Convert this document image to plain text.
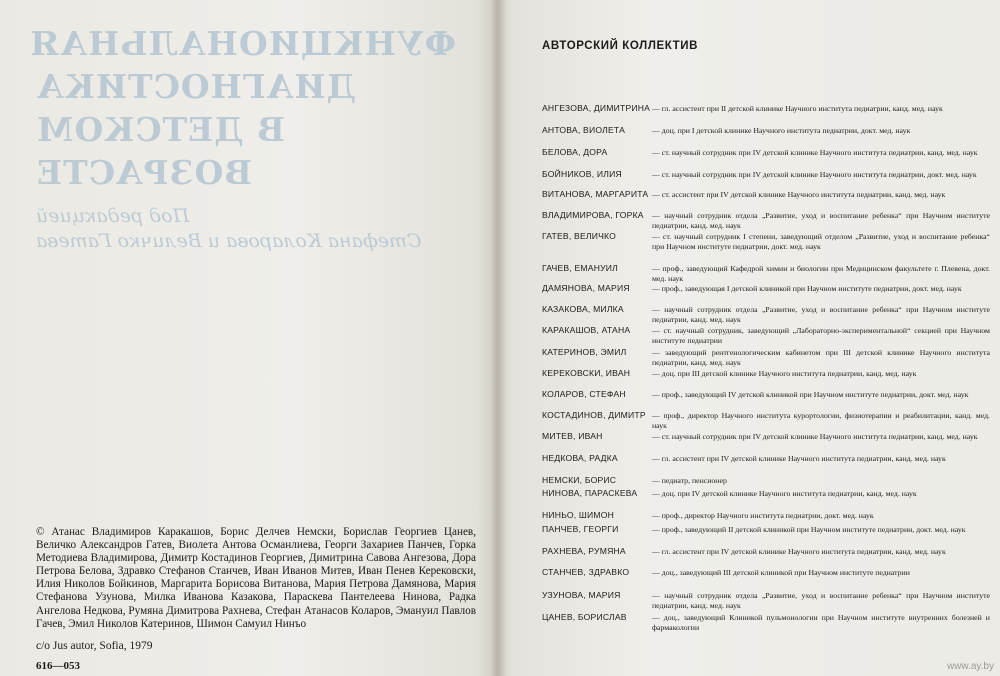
ФУНКЦИОНАЛЬНАЯ
ДИАГНОСТИКА
В ДЕТСКОМ
ВОЗРАСТЕ
Под редакцией
Стефана Коларова и Величко Гатева
© Атанас Владимиров Каракашов, Борис Делчев Немски, Борислав Георгиев Цанев, Величко Александров Гатев, Виолета Антова Османлиева, Георги Захариев Панчев, Горка Методиева Владимирова, Димитр Костадинов Георгиев, Димитрина Савова Ангезова, Дора Петрова Белова, Здравко Стефанов Станчев, Иван Иванов Митев, Иван Пенев Керековски, Илия Николов Бойкинов, Маргарита Борисова Витанова, Мария Петрова Дамянова, Мария Стефанова Узунова, Милка Иванова Казакова, Параскева Пантелеева Нинова, Радка Ангелова Недкова, Румяна Димитрова Рахнева, Стефан Атанасов Коларов, Эмануил Павлов Гачев, Эмил Николов Катеринов, Шимон Самуил Нинъо
c/o Jus autor, Sofia, 1979
616—053
АВТОРСКИЙ КОЛЛЕКТИВ
АНГЕЗОВА, ДИМИТРИНА — гл. ассистент при II детской клинике Научного института педиатрии, канд. мед. наук
АНТОВА, ВИОЛЕТА	— доц. при I детской клинике Научного института педиатрии, докт. мед. наук
БЕЛОВА, ДОРА	— ст. научный сотрудник при IV детской клинике Научного института педиатрии, канд. мед. наук
БОЙНИКОВ, ИЛИЯ	— ст. научный сотрудник при IV детской клинике Научного института педиатрии, докт. мед. наук
ВИТАНОВА, МАРГАРИТА — ст. ассистент при IV детской клинике Научного института педиатрии, канд. мед. наук
ВЛАДИМИРОВА, ГОРКА	— научный сотрудник отдела „Развитие, уход и воспитание ребенка“ при Научном институте педиатрии, канд. мед. наук
ГАТЕВ, ВЕЛИЧКО	— ст. научный сотрудник I степени, заведующий отделом „Развитие, уход и воспитание ребенка“ при Научном институте педиатрии, докт. мед. наук
ГАЧЕВ, ЕМАНУИЛ	— проф., заведующий Кафедрой химии и биологии при Медицинском факультете г. Плевена, докт. мед. наук
ДАМЯНОВА, МАРИЯ	— проф., заведующая I детской клиникой при Научном институте педиатрии, докт. мед. наук
КАЗАКОВА, МИЛКА	— научный сотрудник отдела „Развитие, уход и воспитание ребенка“ при Научном институте педиатрии, канд. мед. наук
КАРАКАШОВ, АТАНА	— ст. научный сотрудник, заведующий „Лабораторно-экспериментальной“ секцией при Научном институте педиатрии
КАТЕРИНОВ, ЭМИЛ	— заведующий рентгенологическим кабинетом при III детской клинике Научного института педиатрии, канд. мед. наук
КЕРЕКОВСКИ, ИВАН	— доц. при III детской клинике Научного института педиатрии, канд. мед. наук
КОЛАРОВ, СТЕФАН	— проф., заведующий IV детской клиникой при Научном институте педиатрии, докт. мед. наук
КОСТАДИНОВ, ДИМИТР — проф., директор Научного института курортологии, физиотерапии и реабилитации, канд. мед. наук
МИТЕВ, ИВАН	— ст. научный сотрудник при IV детской клинике Научного института педиатрии, канд. мед. наук
НЕДКОВА, РАДКА	— гл. ассистент при IV детской клинике Научного института педиатрии, канд. мед. наук
НЕМСКИ, БОРИС	— педиатр, пенсионер
НИНОВА, ПАРАСКЕВА	— доц. при IV детской клинике Научного института педиатрии, канд. мед. наук
НИНЬО, ШИМОН	— проф., директор Научного института педиатрии, докт. мед. наук
ПАНЧЕВ, ГЕОРГИ	— проф., заведующий II детской клиникой при Научном институте педиатрии, докт. мед. наук
РАХНЕВА, РУМЯНА	— гл. ассистент при IV детской клинике Научного института педиатрии, канд. мед. наук
СТАНЧЕВ, ЗДРАВКО	— доц., заведующий III детской клиникой при Научном институте педиатрии
УЗУНОВА, МАРИЯ	— научный сотрудник отдела „Развитие, уход и воспитание ребенка“ при Научном институте педиатрии, канд. мед. наук
ЦАНЕВ, БОРИСЛАВ	— доц., заведующий Клиникой пульмонологии при Научном институте внутренних болезней и фармакологии
www.ay.by
